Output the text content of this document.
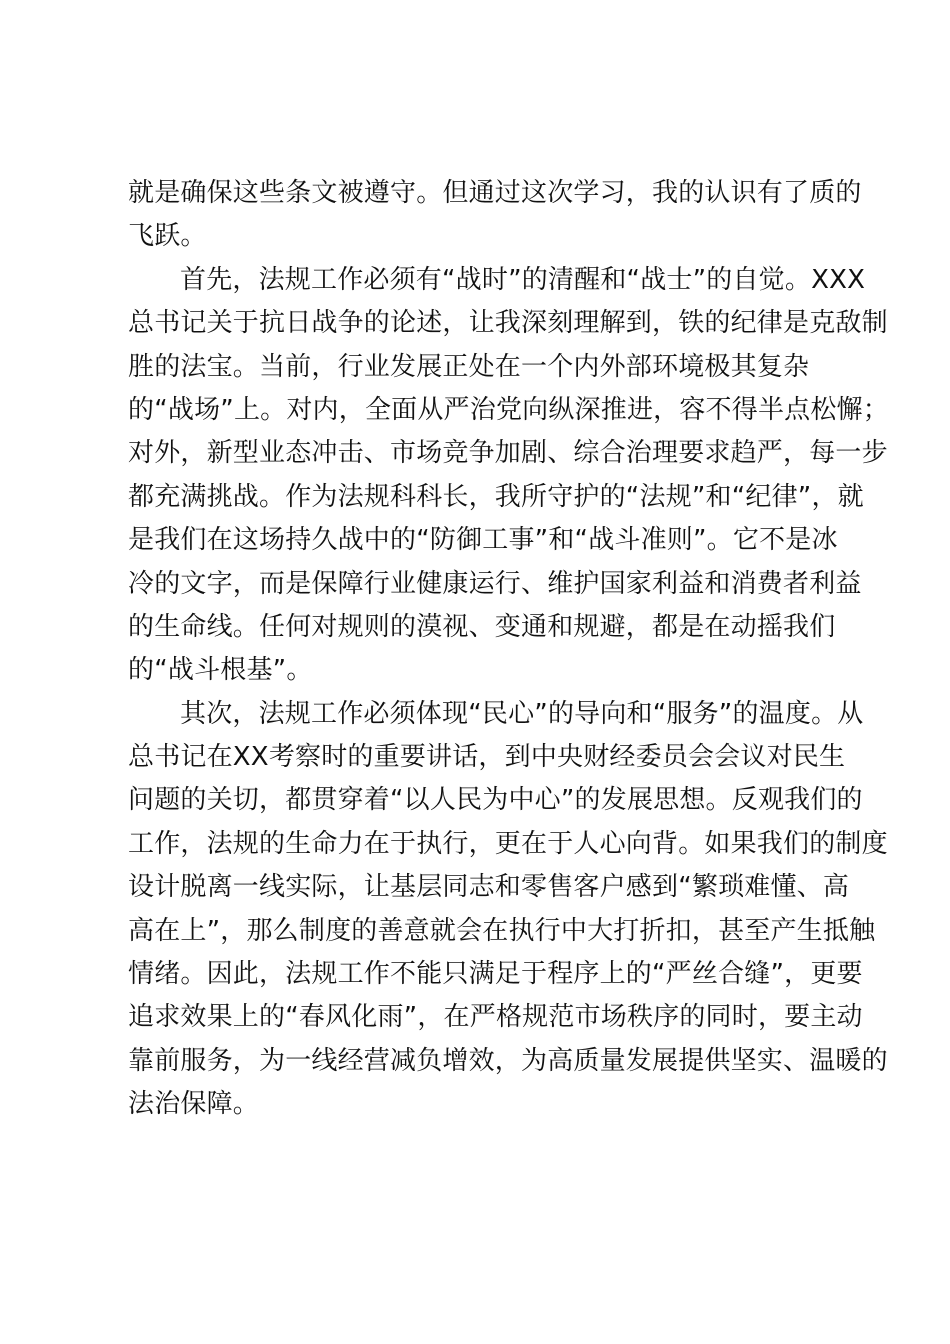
就是确保这些条文被遵守。但通过这次学习，我的认识有了质的
飞跃。
首先，法规工作必须有“战时”的清醒和“战士”的自觉。XXX
总书记关于抗日战争的论述，让我深刻理解到，铁的纪律是克敌制
胜的法宝。当前，行业发展正处在一个内外部环境极其复杂
的“战场”上。对内，全面从严治党向纵深推进，容不得半点松懈；
对外，新型业态冲击、市场竞争加剧、综合治理要求趋严，每一步
都充满挑战。作为法规科科长，我所守护的“法规”和“纪律”，就
是我们在这场持久战中的“防御工事”和“战斗准则”。它不是冰
冷的文字，而是保障行业健康运行、维护国家利益和消费者利益
的生命线。任何对规则的漠视、变通和规避，都是在动摇我们
的“战斗根基”。
其次，法规工作必须体现“民心”的导向和“服务”的温度。从
总书记在XX考察时的重要讲话，到中央财经委员会会议对民生
问题的关切，都贯穿着“以人民为中心”的发展思想。反观我们的
工作，法规的生命力在于执行，更在于人心向背。如果我们的制度
设计脱离一线实际，让基层同志和零售客户感到“繁琐难懂、高
高在上”，那么制度的善意就会在执行中大打折扣，甚至产生抵触
情绪。因此，法规工作不能只满足于程序上的“严丝合缝”，更要
追求效果上的“春风化雨”，在严格规范市场秩序的同时，要主动
靠前服务，为一线经营减负增效，为高质量发展提供坚实、温暖的
法治保障。
